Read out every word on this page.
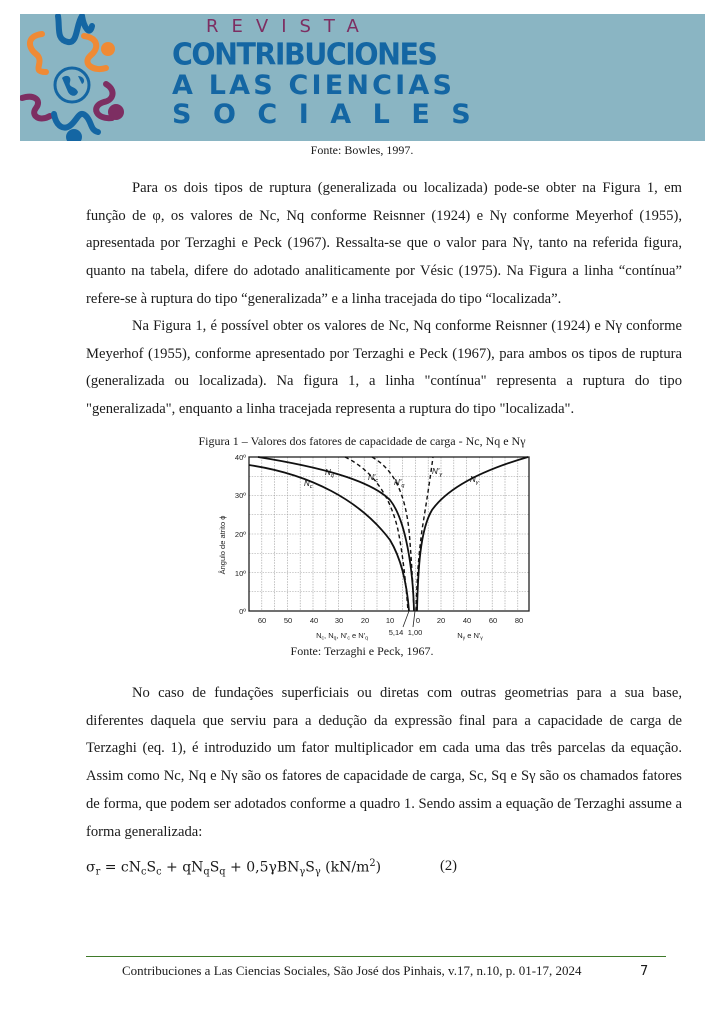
REVISTA
CONTRIBUCIONES
A LAS CIENCIAS
SOCIALES
Fonte: Bowles, 1997.
Para os dois tipos de ruptura (generalizada ou localizada) pode-se obter na Figura 1, em função de φ, os valores de Nc, Nq conforme Reisnner (1924) e Nγ conforme Meyerhof (1955), apresentada por Terzaghi e Peck (1967). Ressalta-se que o valor para Nγ, tanto na referida figura, quanto na tabela, difere do adotado analiticamente por Vésic (1975). Na Figura a linha “contínua” refere-se à ruptura do tipo “generalizada” e a linha tracejada do tipo “localizada”.
Na Figura 1, é possível obter os valores de Nc, Nq conforme Reisnner (1924) e Nγ conforme Meyerhof (1955), conforme apresentado por Terzaghi e Peck (1967), para ambos os tipos de ruptura (generalizada ou localizada). Na figura 1, a linha "contínua" representa a ruptura do tipo "generalizada", enquanto a linha tracejada representa a ruptura do tipo "localizada".
Figura 1 – Valores dos fatores de capacidade de carga - Nc, Nq e Nγ
$N_q$
$N_c$
$N'_c$ $N'_q$
$N'_\gamma$	$N_\gamma$
40º
30º
20º
10º
0º
Ângulo de atrito ϕ
60 50 40 30 20 10	0 20 40 60 80
5,14 1,00
$N_c$, $N_q$, $N'_c$ e $N'_q$	$N_\gamma$ e $N'_\gamma$
Fonte: Terzaghi e Peck, 1967.
No caso de fundações superficiais ou diretas com outras geometrias para a sua base, diferentes daquela que serviu para a dedução da expressão final para a capacidade de carga de Terzaghi (eq. 1), é introduzido um fator multiplicador em cada uma das três parcelas da equação. Assim como Nc, Nq e Nγ são os fatores de capacidade de carga, Sc, Sq e Sγ são os chamados fatores de forma, que podem ser adotados conforme a quadro 1. Sendo assim a equação de Terzaghi assume a forma generalizada:
$\sigma_r = cN_cS_c + qN_qS_q + 0,5\gamma BN_\gamma S_\gamma$ $(kN/m^2)$	(2)
Contribuciones a Las Ciencias Sociales, São José dos Pinhais, v.17, n.10, p. 01-17, 2024	7
